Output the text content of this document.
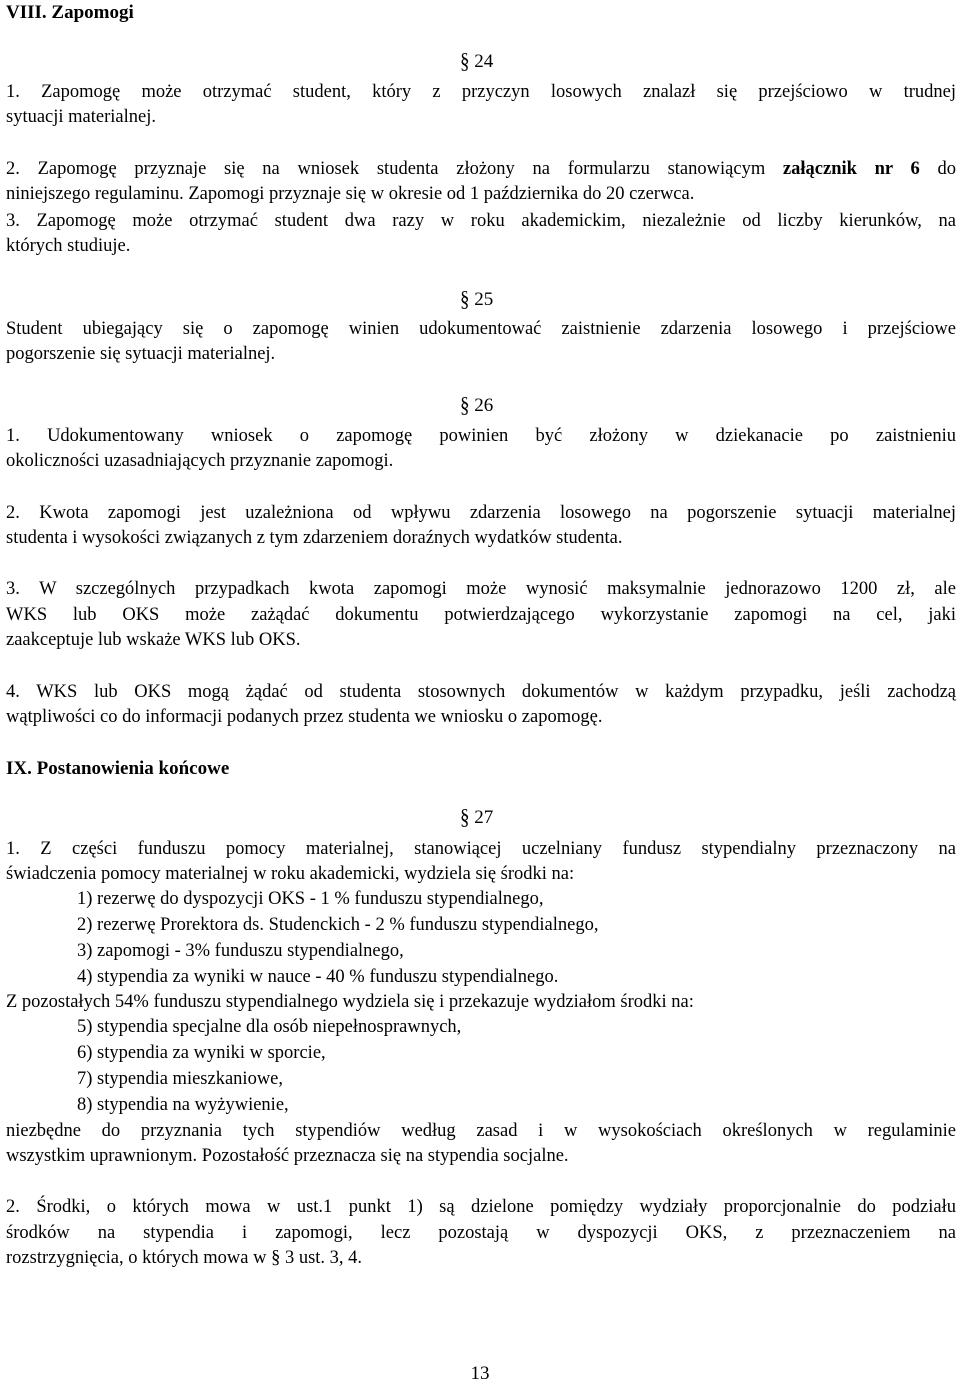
VIII. Zapomogi
§ 24
1. Zapomogę może otrzymać student, który z przyczyn losowych znalazł się przejściowo w trudnej
sytuacji materialnej.
2. Zapomogę przyznaje się na wniosek studenta złożony na formularzu stanowiącym załącznik nr 6 do
niniejszego regulaminu. Zapomogi przyznaje się w okresie od 1 października do 20 czerwca.
3. Zapomogę może otrzymać student dwa razy w roku akademickim, niezależnie od liczby kierunków, na
których studiuje.
§ 25
Student ubiegający się o zapomogę winien udokumentować zaistnienie zdarzenia losowego i przejściowe
pogorszenie się sytuacji materialnej.
§ 26
1. Udokumentowany wniosek o zapomogę powinien być złożony w dziekanacie po zaistnieniu
okoliczności uzasadniających przyznanie zapomogi.
2. Kwota zapomogi jest uzależniona od wpływu zdarzenia losowego na pogorszenie sytuacji materialnej
studenta i wysokości związanych z tym zdarzeniem doraźnych wydatków studenta.
3. W szczególnych przypadkach kwota zapomogi może wynosić maksymalnie jednorazowo 1200 zł, ale
WKS lub OKS może zażądać dokumentu potwierdzającego wykorzystanie zapomogi na cel, jaki
zaakceptuje lub wskaże WKS lub OKS.
4. WKS lub OKS mogą żądać od studenta stosownych dokumentów w każdym przypadku, jeśli zachodzą
wątpliwości co do informacji podanych przez studenta we wniosku o zapomogę.
IX. Postanowienia końcowe
§ 27
1. Z części funduszu pomocy materialnej, stanowiącej uczelniany fundusz stypendialny przeznaczony na
świadczenia pomocy materialnej w roku akademicki, wydziela się środki na:
1) rezerwę do dyspozycji OKS - 1 % funduszu stypendialnego,
2) rezerwę Prorektora ds. Studenckich - 2 % funduszu stypendialnego,
3) zapomogi - 3% funduszu stypendialnego,
4) stypendia za wyniki w nauce - 40 % funduszu stypendialnego.
Z pozostałych 54% funduszu stypendialnego wydziela się i przekazuje wydziałom środki na:
5) stypendia specjalne dla osób niepełnosprawnych,
6) stypendia za wyniki w sporcie,
7) stypendia mieszkaniowe,
8) stypendia na wyżywienie,
niezbędne do przyznania tych stypendiów według zasad i w wysokościach określonych w regulaminie
wszystkim uprawnionym. Pozostałość przeznacza się na stypendia socjalne.
2. Środki, o których mowa w ust.1 punkt 1) są dzielone pomiędzy wydziały proporcjonalnie do podziału
środków na stypendia i zapomogi, lecz pozostają w dyspozycji OKS, z przeznaczeniem na
rozstrzygnięcia, o których mowa w § 3 ust. 3, 4.
13
